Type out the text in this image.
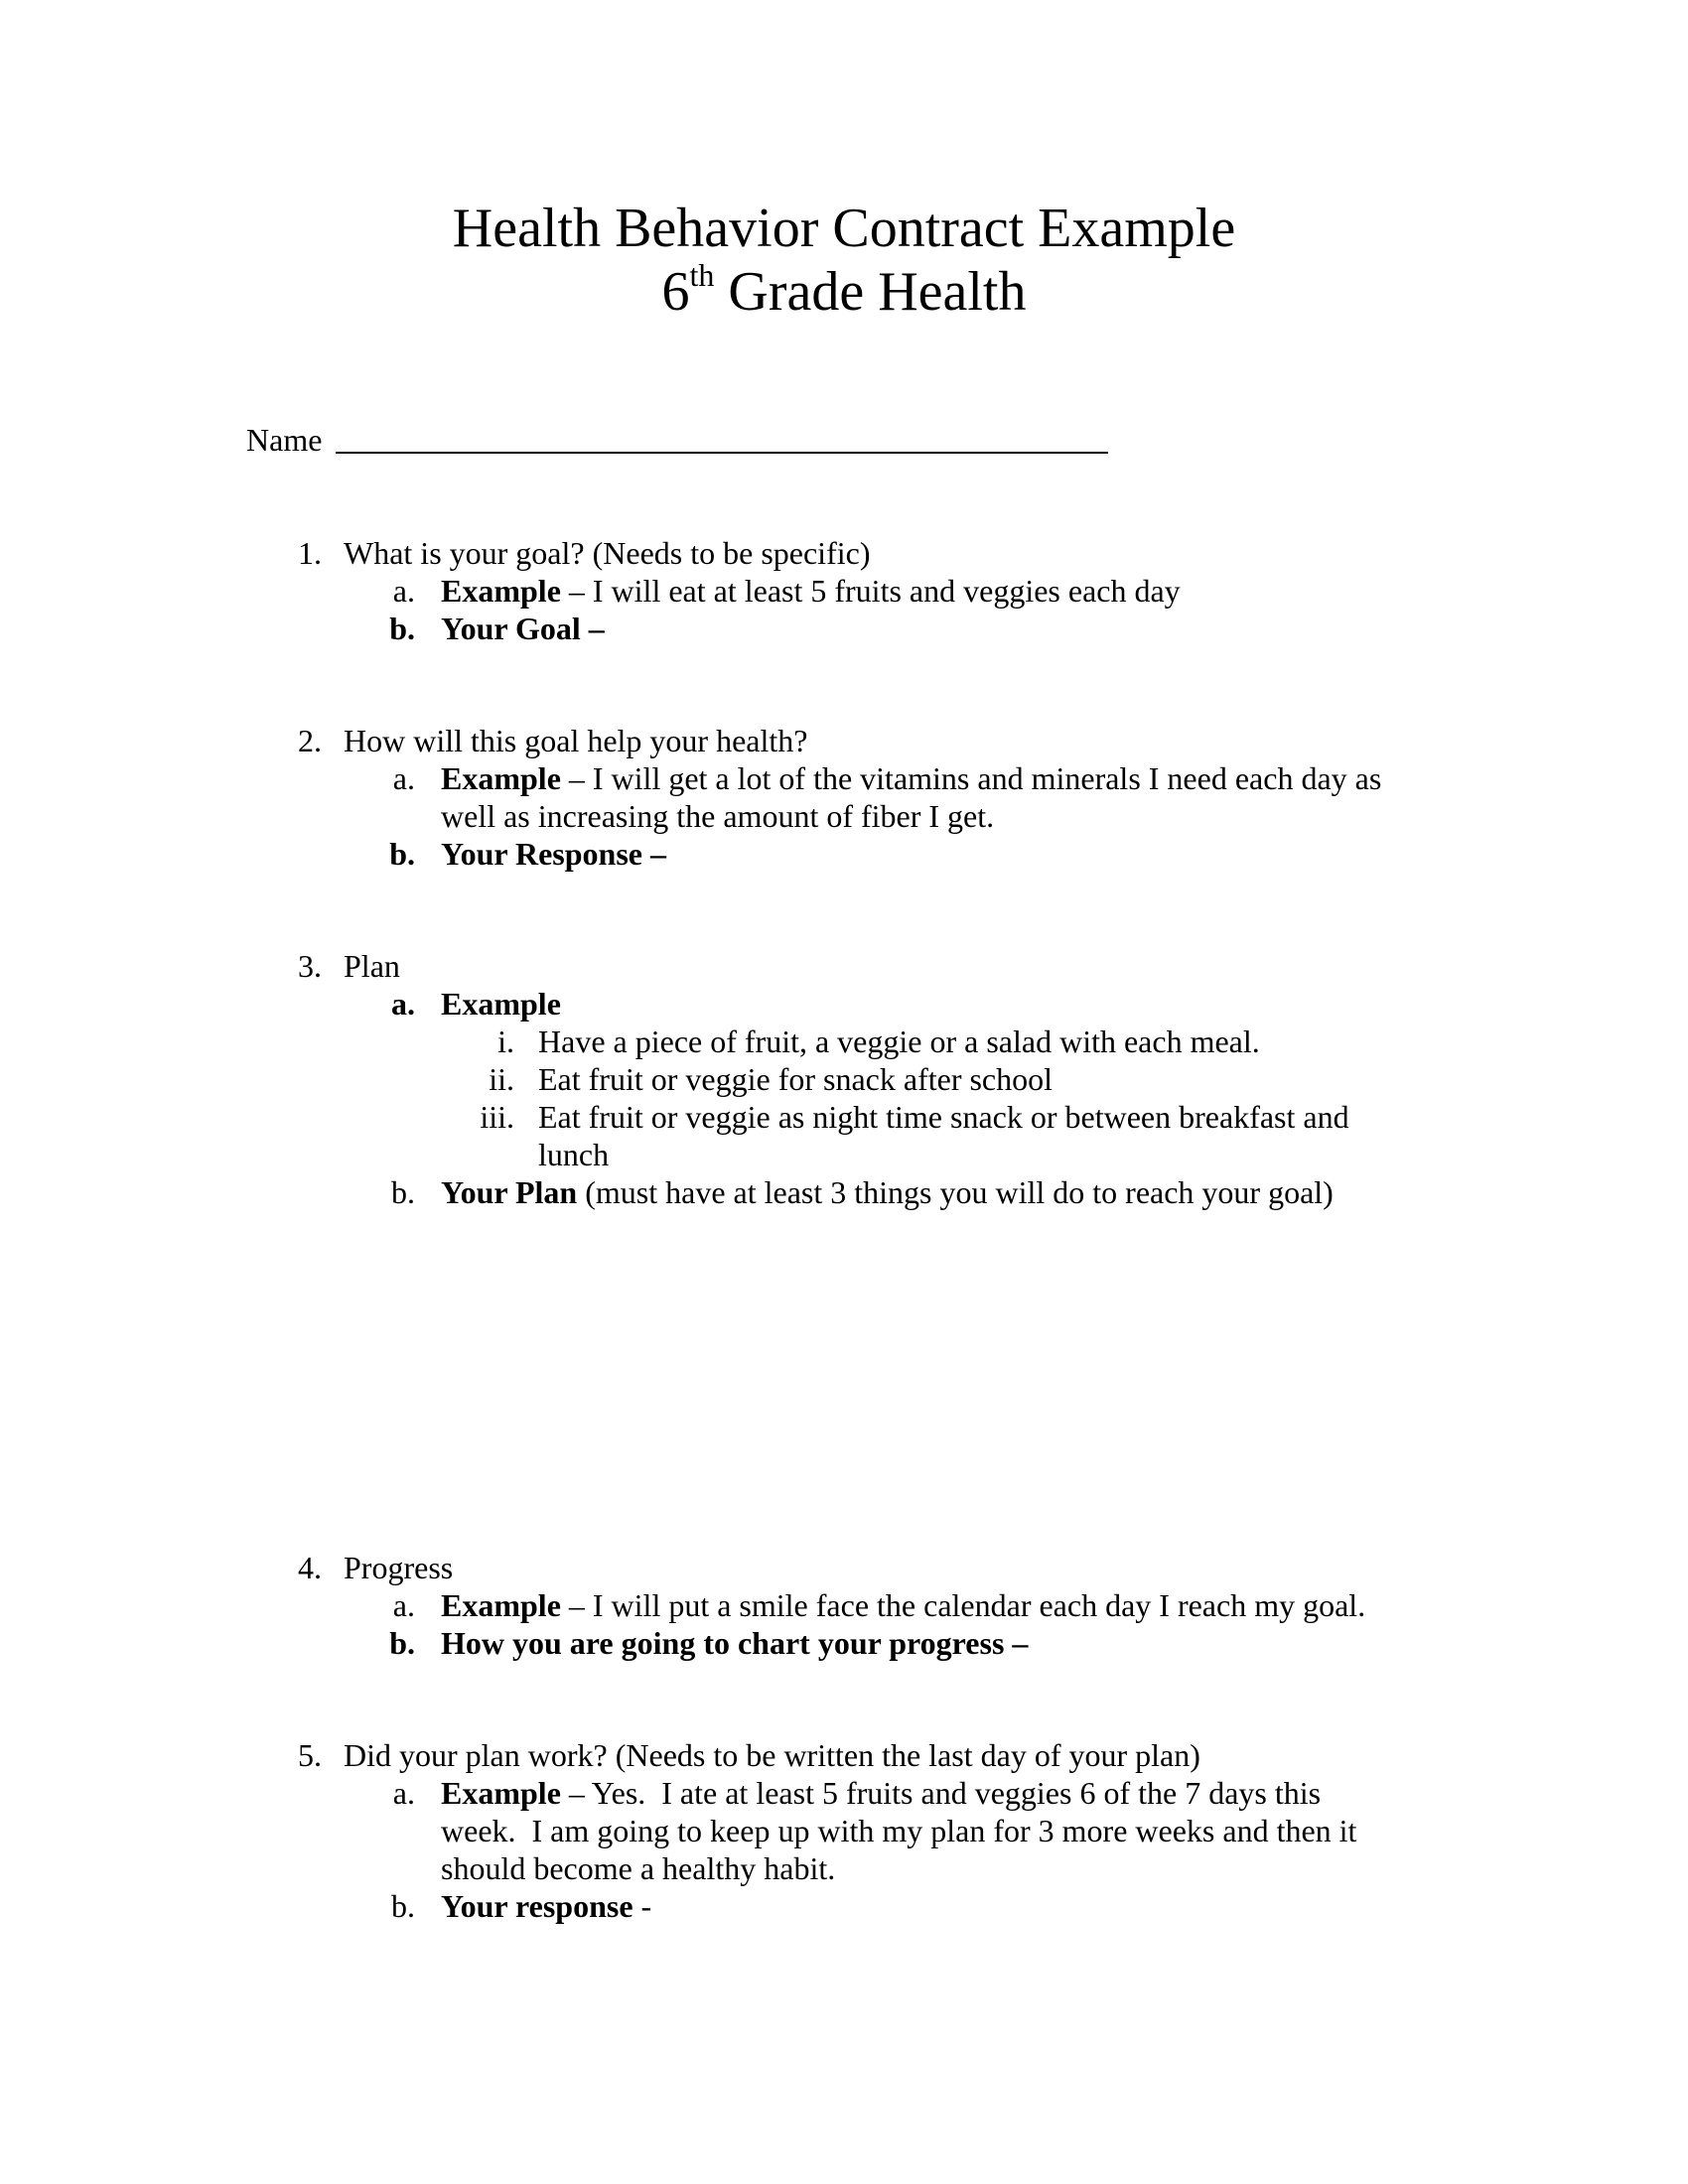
Health Behavior Contract Example
6th Grade Health
Name
1. What is your goal? (Needs to be specific)
a. Example – I will eat at least 5 fruits and veggies each day
b. Your Goal –
2. How will this goal help your health?
a. Example – I will get a lot of the vitamins and minerals I need each day as
well as increasing the amount of fiber I get.
b. Your Response –
3. Plan
a. Example
i. Have a piece of fruit, a veggie or a salad with each meal.
ii. Eat fruit or veggie for snack after school
iii. Eat fruit or veggie as night time snack or between breakfast and
lunch
b. Your Plan (must have at least 3 things you will do to reach your goal)
4. Progress
a. Example – I will put a smile face the calendar each day I reach my goal.
b. How you are going to chart your progress –
5. Did your plan work? (Needs to be written the last day of your plan)
a. Example – Yes.  I ate at least 5 fruits and veggies 6 of the 7 days this
week.  I am going to keep up with my plan for 3 more weeks and then it
should become a healthy habit.
b. Your response -
